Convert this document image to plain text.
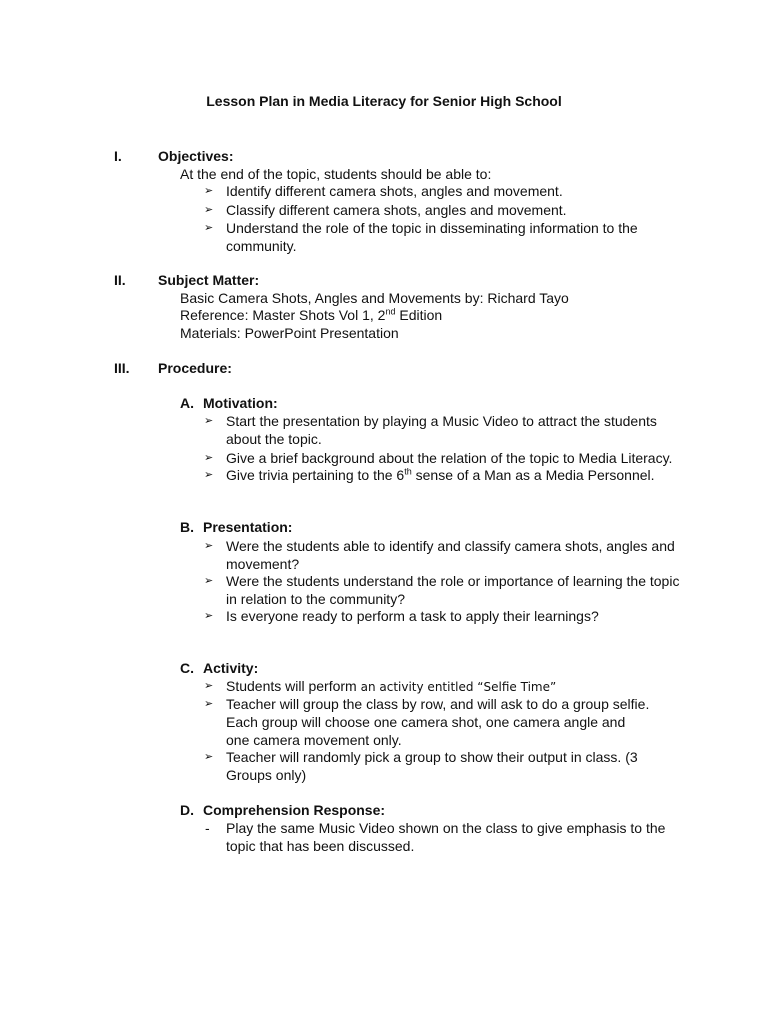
Lesson Plan in Media Literacy for Senior High School
I.	Objectives:
At the end of the topic, students should be able to:
➢ Identify different camera shots, angles and movement.
➢ Classify different camera shots, angles and movement.
➢ Understand the role of the topic in disseminating information to the community.
II. Subject Matter:
Basic Camera Shots, Angles and Movements by: Richard Tayo
Reference: Master Shots Vol 1, 2nd Edition
Materials: PowerPoint Presentation
III. Procedure:
A. Motivation:
➢ Start the presentation by playing a Music Video to attract the students about the topic.
➢ Give a brief background about the relation of the topic to Media Literacy.
➢ Give trivia pertaining to the 6th sense of a Man as a Media Personnel.
B. Presentation:
➢ Were the students able to identify and classify camera shots, angles and movement?
➢ Were the students understand the role or importance of learning the topic in relation to the community?
➢ Is everyone ready to perform a task to apply their learnings?
C. Activity:
➢ Students will perform an activity entitled “Selfie Time”
➢ Teacher will group the class by row, and will ask to do a group selfie. Each group will choose one camera shot, one camera angle and one camera movement only.
➢ Teacher will randomly pick a group to show their output in class. (3 Groups only)
D. Comprehension Response:
- Play the same Music Video shown on the class to give emphasis to the topic that has been discussed.
